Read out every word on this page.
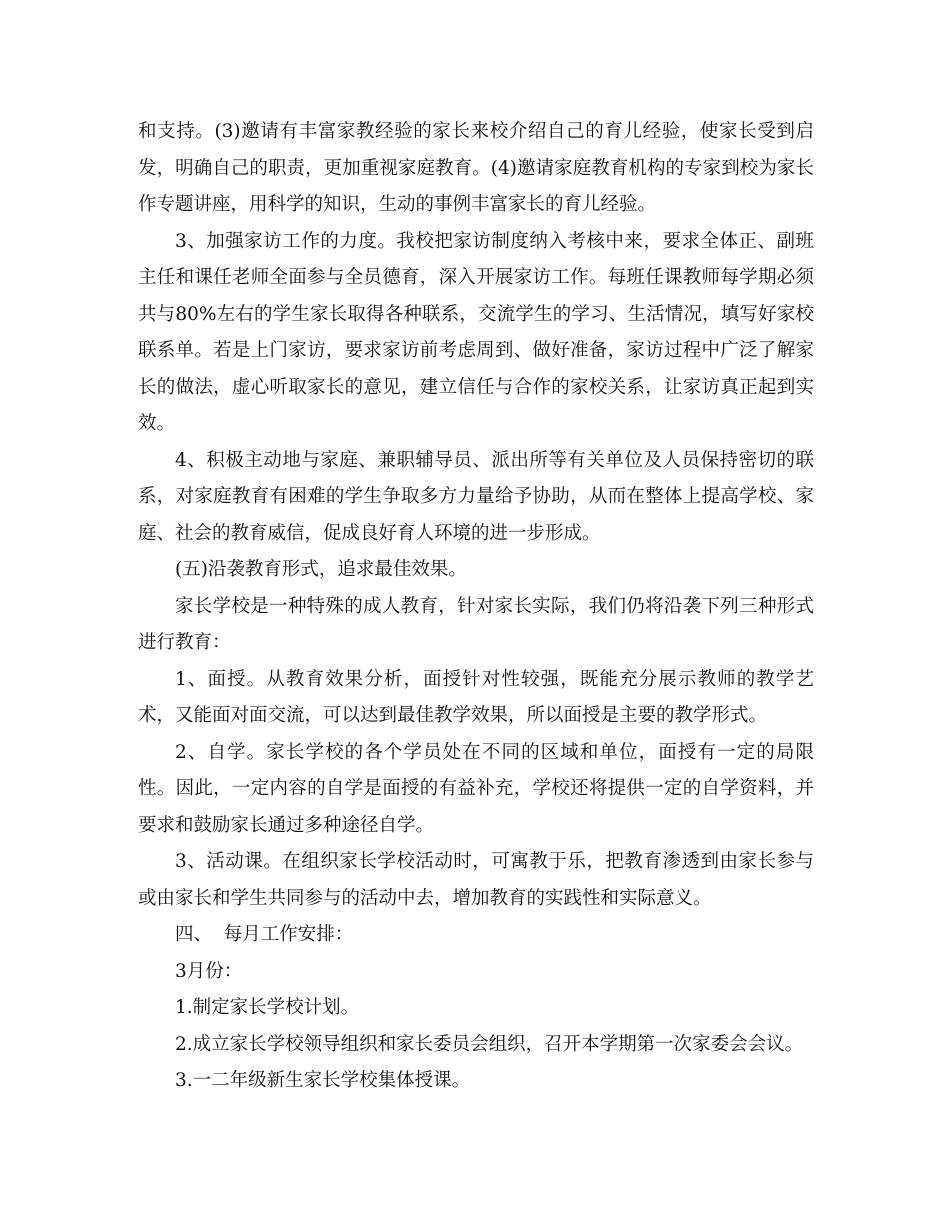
和支持。(3)邀请有丰富家教经验的家长来校介绍自己的育儿经验，使家长受到启发，明确自己的职责，更加重视家庭教育。(4)邀请家庭教育机构的专家到校为家长作专题讲座，用科学的知识，生动的事例丰富家长的育儿经验。

3、加强家访工作的力度。我校把家访制度纳入考核中来，要求全体正、副班主任和课任老师全面参与全员德育，深入开展家访工作。每班任课教师每学期必须共与80%左右的学生家长取得各种联系，交流学生的学习、生活情况，填写好家校联系单。若是上门家访，要求家访前考虑周到、做好准备，家访过程中广泛了解家长的做法，虚心听取家长的意见，建立信任与合作的家校关系，让家访真正起到实效。

4、积极主动地与家庭、兼职辅导员、派出所等有关单位及人员保持密切的联系，对家庭教育有困难的学生争取多方力量给予协助，从而在整体上提高学校、家庭、社会的教育威信，促成良好育人环境的进一步形成。

(五)沿袭教育形式，追求最佳效果。

家长学校是一种特殊的成人教育，针对家长实际，我们仍将沿袭下列三种形式进行教育：

1、面授。从教育效果分析，面授针对性较强，既能充分展示教师的教学艺术，又能面对面交流，可以达到最佳教学效果，所以面授是主要的教学形式。

2、自学。家长学校的各个学员处在不同的区域和单位，面授有一定的局限性。因此，一定内容的自学是面授的有益补充，学校还将提供一定的自学资料，并要求和鼓励家长通过多种途径自学。

3、活动课。在组织家长学校活动时，可寓教于乐，把教育渗透到由家长参与或由家长和学生共同参与的活动中去，增加教育的实践性和实际意义。

四、  每月工作安排：

3月份：

1.制定家长学校计划。

2.成立家长学校领导组织和家长委员会组织，召开本学期第一次家委会会议。

3.一二年级新生家长学校集体授课。
